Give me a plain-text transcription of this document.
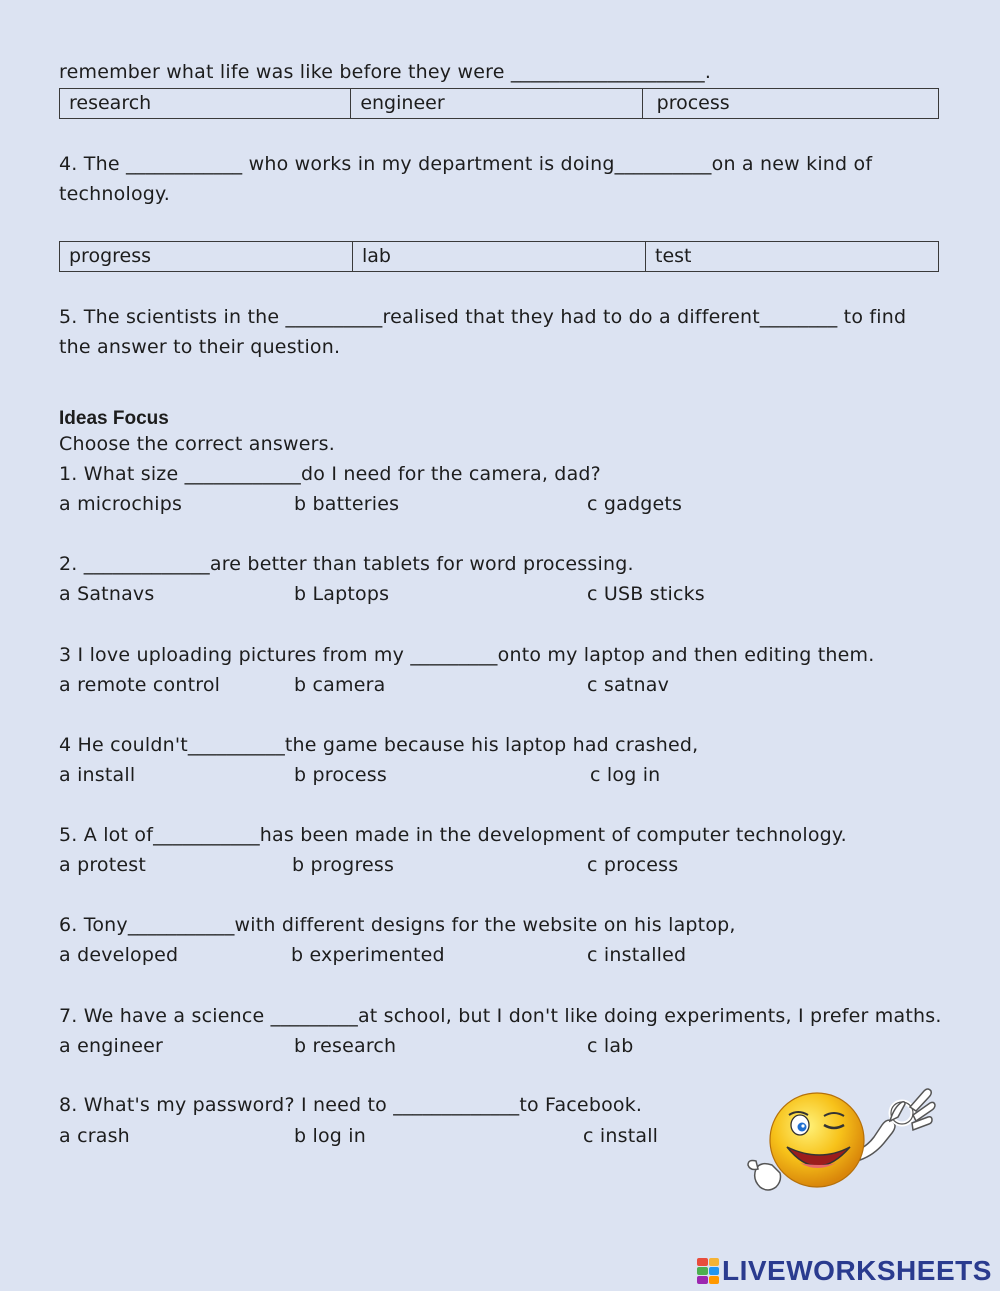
remember what life was like before they were ____________________.
research	engineer	process
4. The ____________ who works in my department is doing__________on a new kind of
technology.
progress	lab	test
5. The scientists in the __________realised that they had to do a different________ to find
the answer to their question.
Ideas Focus
Choose the correct answers.
1. What size ____________do I need for the camera, dad?
a microchips	b batteries	c gadgets
2. _____________are better than tablets for word processing.
a Satnavs	b Laptops	c USB sticks
3 I love uploading pictures from my _________onto my laptop and then editing them.
a remote control	b camera	c satnav
4 He couldn't__________the game because his laptop had crashed,
a install	b process	c log in
5. A lot of___________has been made in the development of computer technology.
a protest	b progress	c process
6. Tony___________with different designs for the website on his laptop,
a developed	b experimented	c installed
7. We have a science _________at school, but I don't like doing experiments, I prefer maths.
a engineer	b research	c lab
8. What's my password? I need to _____________to Facebook.
a crash	b log in	c install
LIVEWORKSHEETS
